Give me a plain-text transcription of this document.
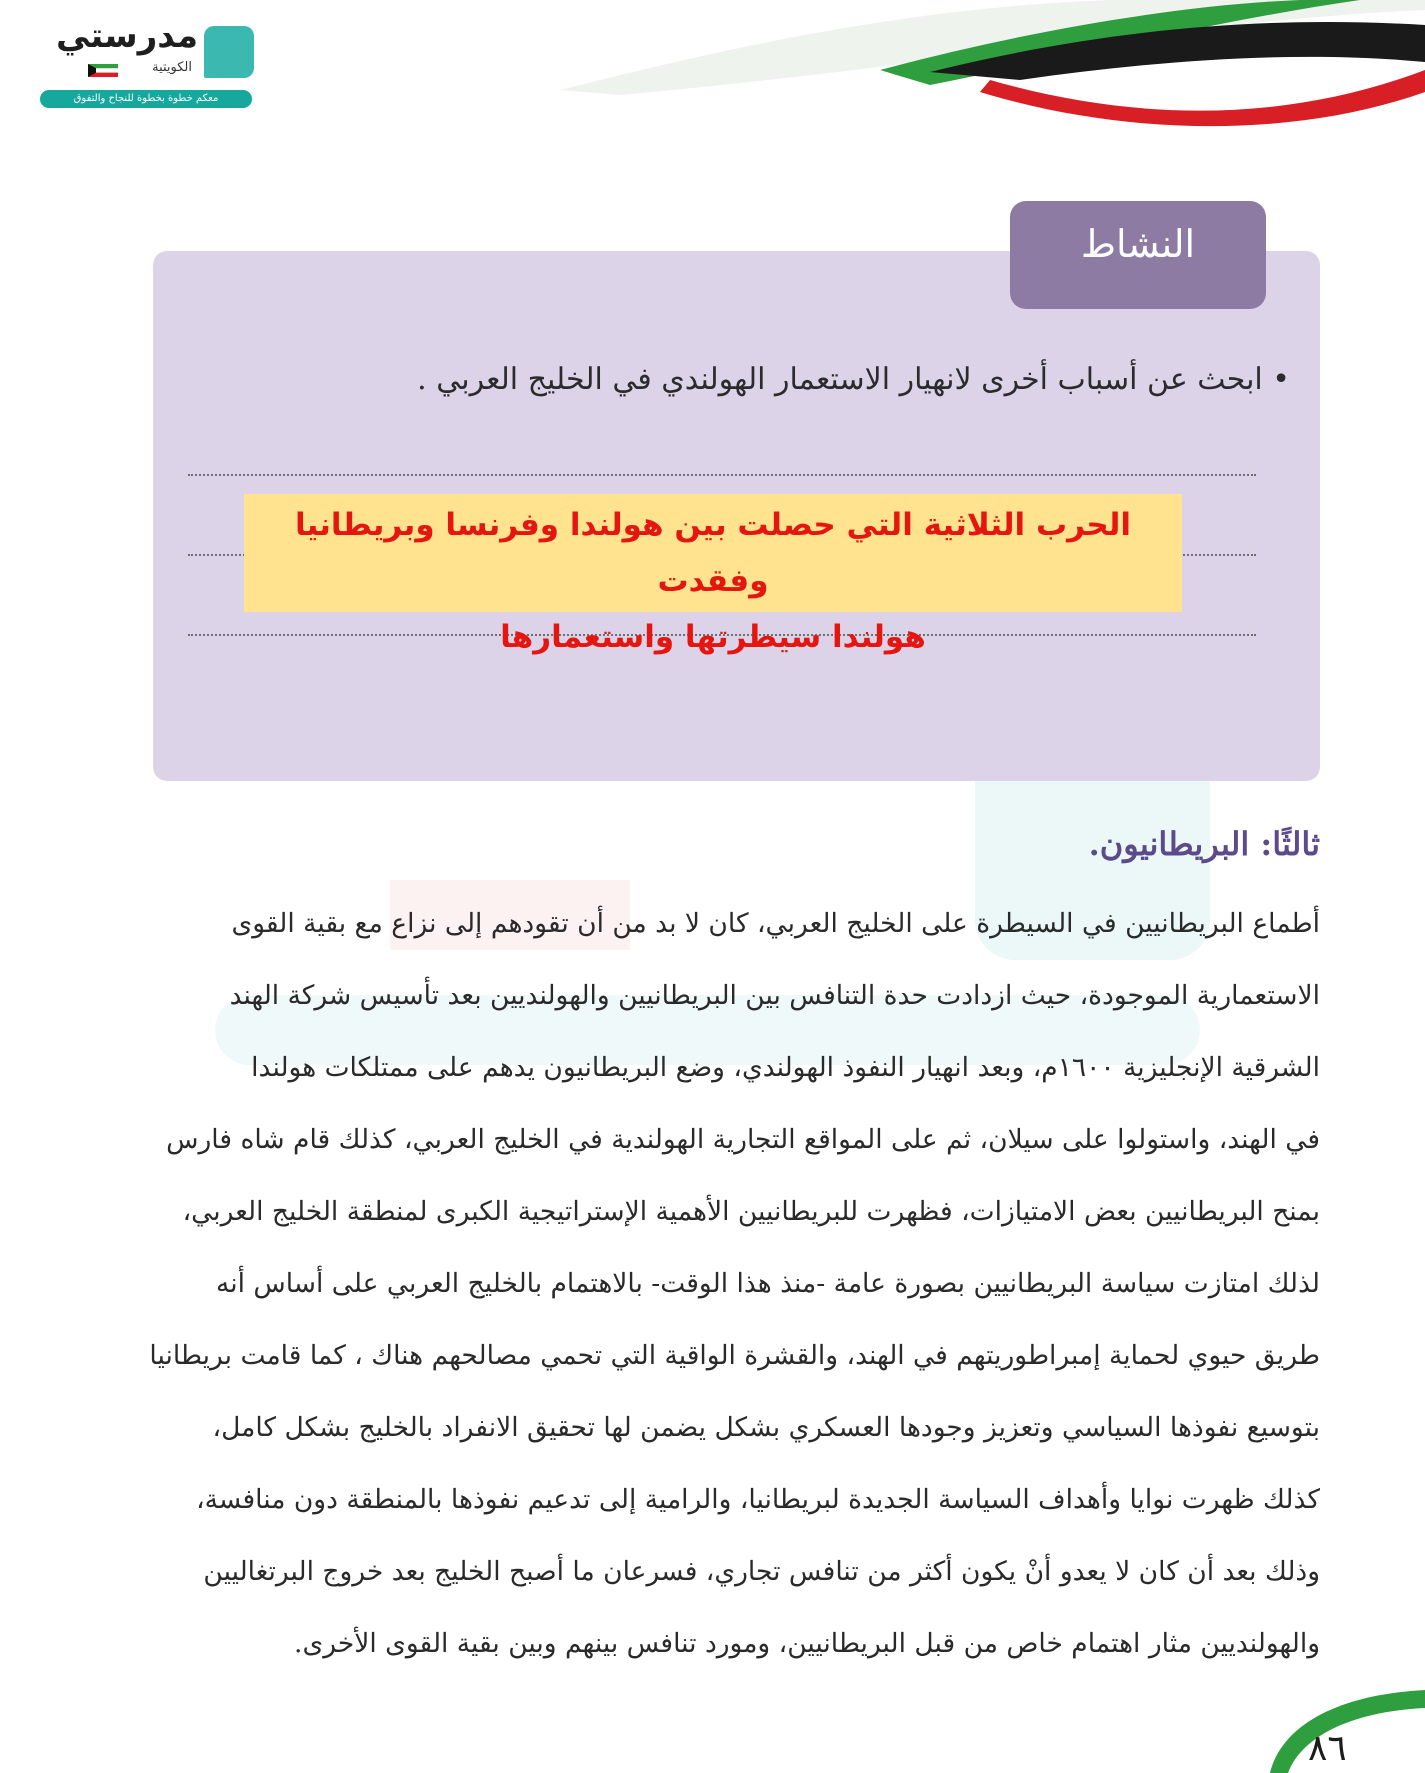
مدرستي
الكويتية
معكم خطوة بخطوة للنجاح والتفوق
النشاط
• ابحث عن أسباب أخرى لانهيار الاستعمار الهولندي في الخليج العربي .
الحرب الثلاثية التي حصلت بين هولندا وفرنسا وبريطانيا وفقدت
هولندا سيطرتها واستعمارها
ثالثًا: البريطانيون.
أطماع البريطانيين في السيطرة على الخليج العربي، كان لا بد من أن تقودهم إلى نزاع مع بقية القوى
الاستعمارية الموجودة، حيث ازدادت حدة التنافس بين البريطانيين والهولنديين بعد تأسيس شركة الهند
الشرقية الإنجليزية ١٦٠٠م، وبعد انهيار النفوذ الهولندي، وضع البريطانيون يدهم على ممتلكات هولندا
في الهند، واستولوا على سيلان، ثم على المواقع التجارية الهولندية في الخليج العربي، كذلك قام شاه فارس
بمنح البريطانيين بعض الامتيازات، فظهرت للبريطانيين الأهمية الإستراتيجية الكبرى لمنطقة الخليج العربي،
لذلك امتازت سياسة البريطانيين بصورة عامة -منذ هذا الوقت- بالاهتمام بالخليج العربي على أساس أنه
طريق حيوي لحماية إمبراطوريتهم في الهند، والقشرة الواقية التي تحمي مصالحهم هناك ، كما قامت بريطانيا
بتوسيع نفوذها السياسي وتعزيز وجودها العسكري بشكل يضمن لها تحقيق الانفراد بالخليج بشكل كامل،
كذلك ظهرت نوايا وأهداف السياسة الجديدة لبريطانيا، والرامية إلى تدعيم نفوذها بالمنطقة دون منافسة،
وذلك بعد أن كان لا يعدو أنْ يكون أكثر من تنافس تجاري، فسرعان ما أصبح الخليج بعد خروج البرتغاليين
والهولنديين مثار اهتمام خاص من قبل البريطانيين، ومورد تنافس بينهم وبين بقية القوى الأخرى.
٨٦
